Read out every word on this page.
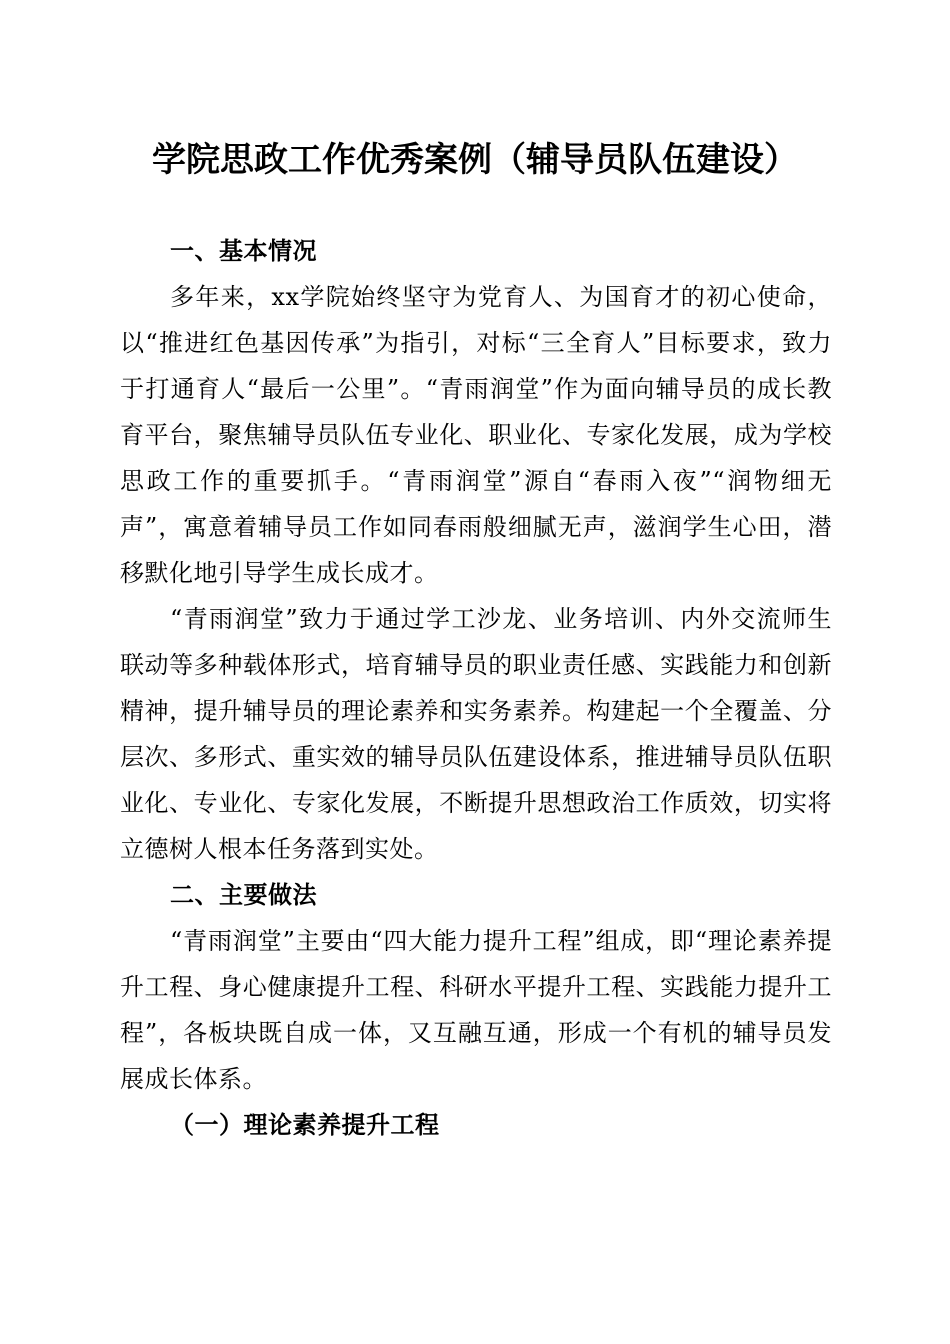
学院思政工作优秀案例（辅导员队伍建设）

一、基本情况

多年来，xx学院始终坚守为党育人、为国育才的初心使命，以“推进红色基因传承”为指引，对标“三全育人”目标要求，致力于打通育人“最后一公里”。“青雨润堂”作为面向辅导员的成长教育平台，聚焦辅导员队伍专业化、职业化、专家化发展，成为学校思政工作的重要抓手。“青雨润堂”源自“春雨入夜”“润物细无声”，寓意着辅导员工作如同春雨般细腻无声，滋润学生心田，潜移默化地引导学生成长成才。

“青雨润堂”致力于通过学工沙龙、业务培训、内外交流师生联动等多种载体形式，培育辅导员的职业责任感、实践能力和创新精神，提升辅导员的理论素养和实务素养。构建起一个全覆盖、分层次、多形式、重实效的辅导员队伍建设体系，推进辅导员队伍职业化、专业化、专家化发展，不断提升思想政治工作质效，切实将立德树人根本任务落到实处。

二、主要做法

“青雨润堂”主要由“四大能力提升工程”组成，即“理论素养提升工程、身心健康提升工程、科研水平提升工程、实践能力提升工程”，各板块既自成一体，又互融互通，形成一个有机的辅导员发展成长体系。

（一）理论素养提升工程
